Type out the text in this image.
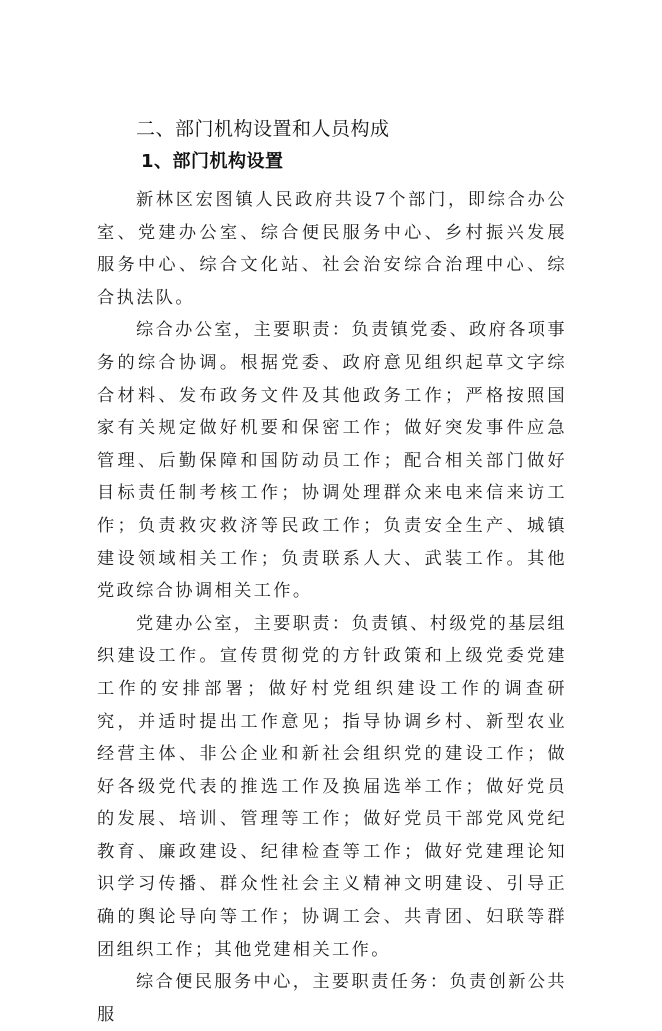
二、部门机构设置和人员构成
1、部门机构设置

新林区宏图镇人民政府共设7个部门，即综合办公室、党建办公室、综合便民服务中心、乡村振兴发展服务中心、综合文化站、社会治安综合治理中心、综合执法队。

综合办公室，主要职责：负责镇党委、政府各项事务的综合协调。根据党委、政府意见组织起草文字综合材料、发布政务文件及其他政务工作；严格按照国家有关规定做好机要和保密工作；做好突发事件应急管理、后勤保障和国防动员工作；配合相关部门做好目标责任制考核工作；协调处理群众来电来信来访工作；负责救灾救济等民政工作；负责安全生产、城镇建设领域相关工作；负责联系人大、武装工作。其他党政综合协调相关工作。

党建办公室，主要职责：负责镇、村级党的基层组织建设工作。宣传贯彻党的方针政策和上级党委党建工作的安排部署；做好村党组织建设工作的调查研究，并适时提出工作意见；指导协调乡村、新型农业经营主体、非公企业和新社会组织党的建设工作；做好各级党代表的推选工作及换届选举工作；做好党员的发展、培训、管理等工作；做好党员干部党风党纪教育、廉政建设、纪律检查等工作；做好党建理论知识学习传播、群众性社会主义精神文明建设、引导正确的舆论导向等工作；协调工会、共青团、妇联等群团组织工作；其他党建相关工作。

综合便民服务中心，主要职责任务：负责创新公共服
